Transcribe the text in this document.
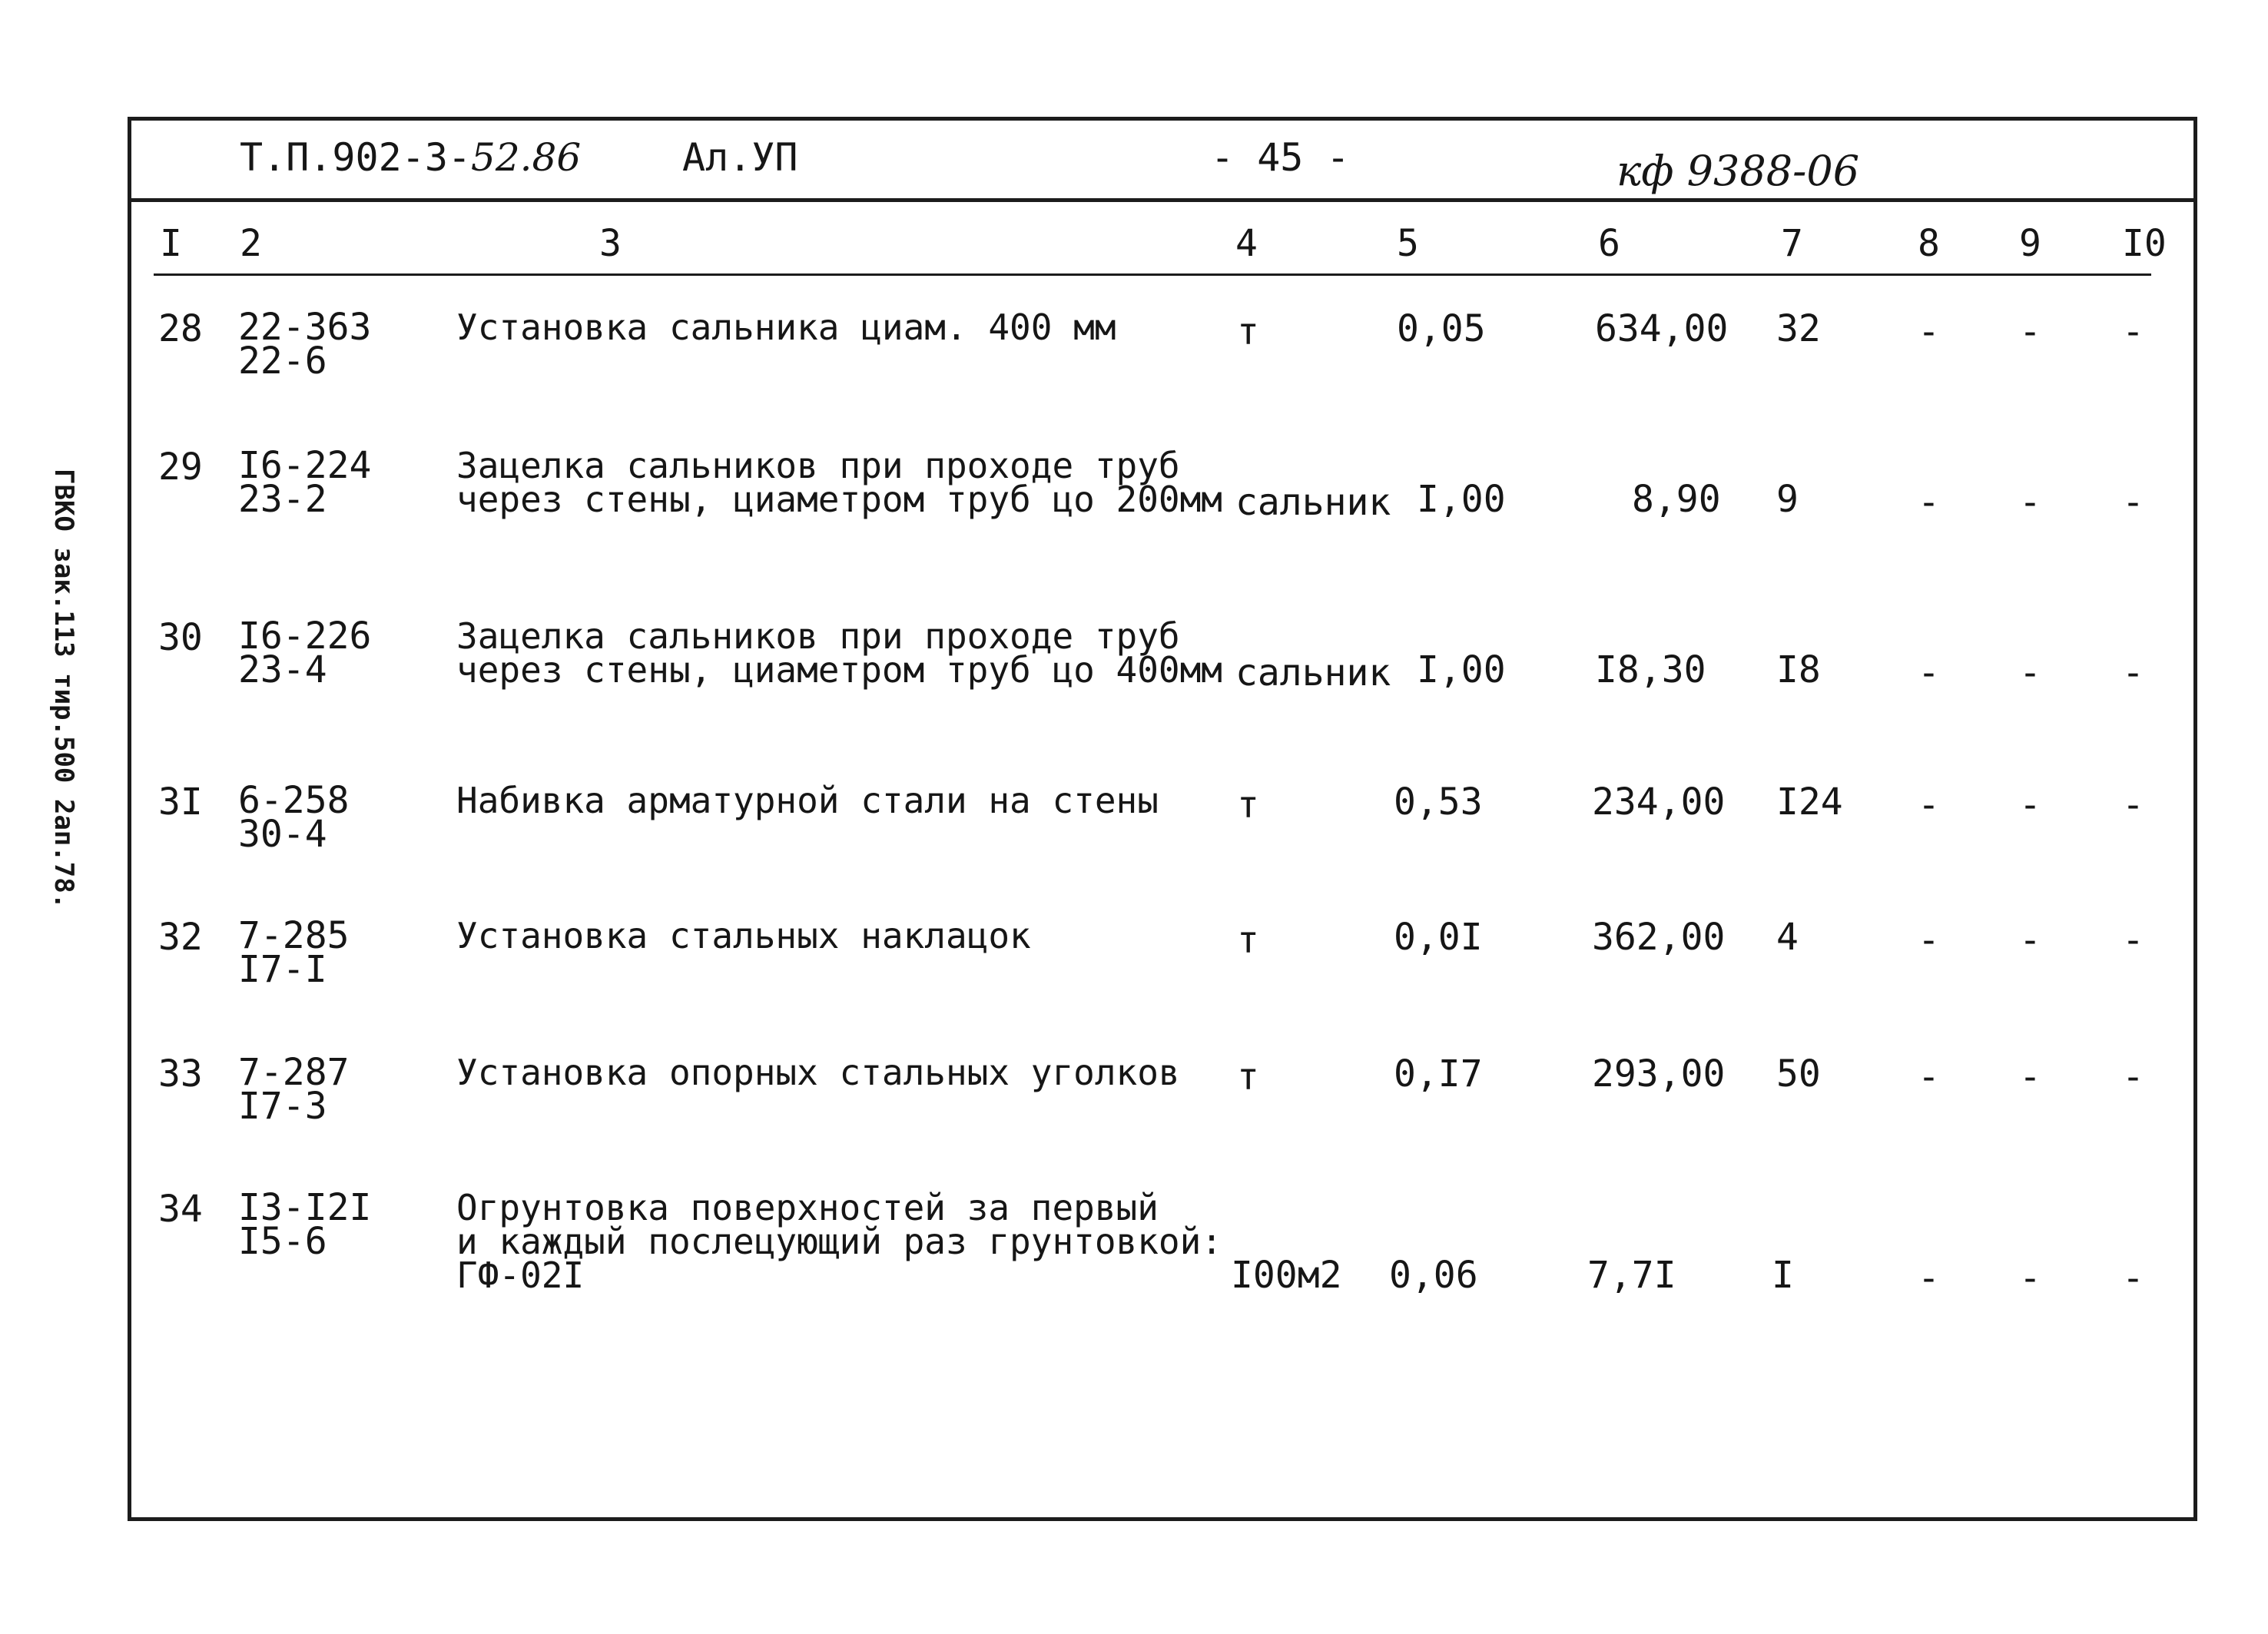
ГВКО зак.113 тир.500 2ап.78.
Т.П.902-3-52.86	Ал.УП	- 45 -	кф 9388-06
I 2	3	4	5	6	7	8 9 I0
28 22-363
22-6
Установка сальника циам. 400 мм	т	0,05	634,00 32	- - -
29 I6-224
23-2
Зацелка сальников при проходе труб
через стены, циаметром труб цо 200мм сальник I,00	8,90 9	- - -
30 I6-226
23-4
Зацелка сальников при проходе труб
через стены, циаметром труб цо 400мм сальник I,00 I8,30 I8	- - -
3I 6-258
30-4
Набивка арматурной стали на стены т	0,53	234,00 I24 - - -
32 7-285
I7-I
Установка стальных наклацок	т	0,0I	362,00 4	- - -
33 7-287
I7-3
Установка опорных стальных уголков т	0,I7	293,00 50	- - -
34 I3-I2I
I5-6
Огрунтовка поверхностей за первый
и каждый послецующий раз грунтовкой:
ГФ-02I	I00м2 0,06	7,7I	I	- - -
